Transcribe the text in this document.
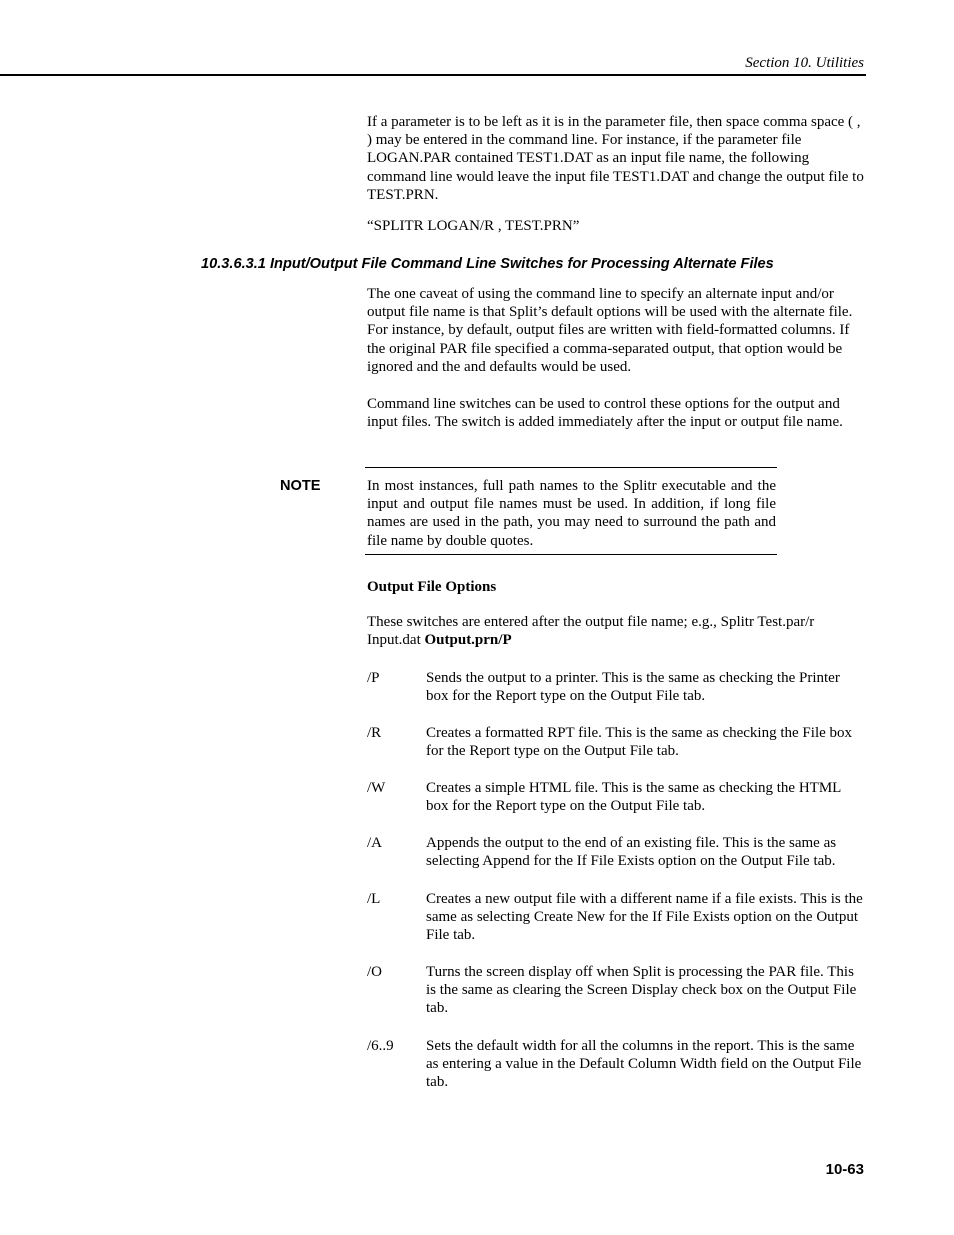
Section 10. Utilities

If a parameter is to be left as it is in the parameter file, then space comma space ( , ) may be entered in the command line. For instance, if the parameter file LOGAN.PAR contained TEST1.DAT as an input file name, the following command line would leave the input file TEST1.DAT and change the output file to TEST.PRN.

“SPLITR LOGAN/R , TEST.PRN”
10.3.6.3.1 Input/Output File Command Line Switches for Processing Alternate Files
The one caveat of using the command line to specify an alternate input and/or output file name is that Split’s default options will be used with the alternate file. For instance, by default, output files are written with field-formatted columns. If the original PAR file specified a comma-separated output, that option would be ignored and the and defaults would be used.
Command line switches can be used to control these options for the output and input files. The switch is added immediately after the input or output file name.
NOTE	In most instances, full path names to the Splitr executable and the input and output file names must be used. In addition, if long file names are used in the path, you may need to surround the path and file name by double quotes.
Output File Options
These switches are entered after the output file name; e.g., Splitr Test.par/r Input.dat Output.prn/P
/P	Sends the output to a printer. This is the same as checking the Printer box for the Report type on the Output File tab.
/R	Creates a formatted RPT file. This is the same as checking the File box for the Report type on the Output File tab.
/W	Creates a simple HTML file. This is the same as checking the HTML box for the Report type on the Output File tab.
/A	Appends the output to the end of an existing file. This is the same as selecting Append for the If File Exists option on the Output File tab.
/L	Creates a new output file with a different name if a file exists. This is the same as selecting Create New for the If File Exists option on the Output File tab.
/O	Turns the screen display off when Split is processing the PAR file. This is the same as clearing the Screen Display check box on the Output File tab.
/6..9 Sets the default width for all the columns in the report. This is the same as entering a value in the Default Column Width field on the Output File tab.
10-63
